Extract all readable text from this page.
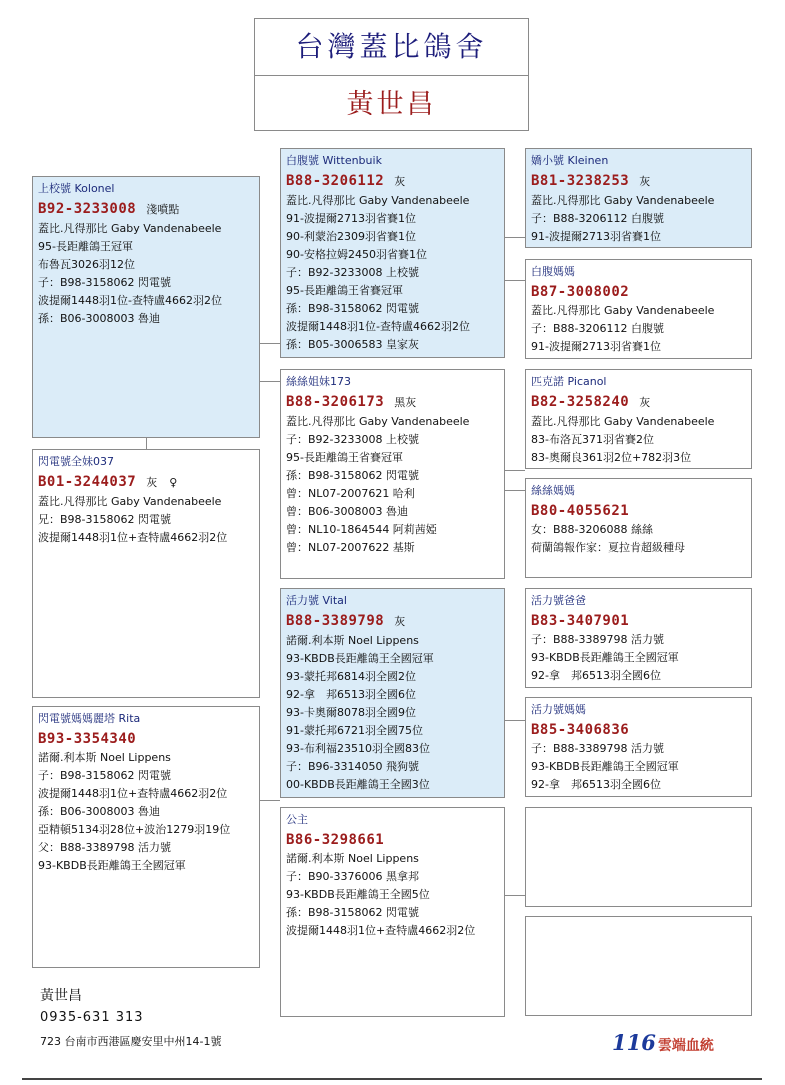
台灣蓋比鴿舍
黃世昌
上校號 Kolonel
B92-3233008 淺噴點
蓋比.凡得那比 Gaby Vandenabeele
95-長距離鴿王冠軍
布魯瓦3026羽12位
子：B98-3158062 閃電號
波提爾1448羽1位-查特盧4662羽2位
孫：B06-3008003 魯迪
閃電號全妹037
B01-3244037 灰 ♀
蓋比.凡得那比 Gaby Vandenabeele
兄：B98-3158062 閃電號
波提爾1448羽1位+查特盧4662羽2位
閃電號媽媽麗塔 Rita
B93-3354340
諾爾.利本斯 Noel Lippens
子：B98-3158062 閃電號
波提爾1448羽1位+查特盧4662羽2位
孫：B06-3008003 魯迪
亞精頓5134羽28位+波治1279羽19位
父：B88-3389798 活力號
93-KBDB長距離鴿王全國冠軍
白腹號 Wittenbuik
B88-3206112 灰
蓋比.凡得那比 Gaby Vandenabeele
91-波提爾2713羽省賽1位
90-利蒙治2309羽省賽1位
90-安格拉姆2450羽省賽1位
子：B92-3233008 上校號
95-長距離鴿王省賽冠軍
孫：B98-3158062 閃電號
波提爾1448羽1位-查特盧4662羽2位
孫：B05-3006583 皇家灰
絲絲姐妹173
B88-3206173 黑灰
蓋比.凡得那比 Gaby Vandenabeele
子：B92-3233008 上校號
95-長距離鴿王省賽冠軍
孫：B98-3158062 閃電號
曾：NL07-2007621 哈利
曾：B06-3008003 魯迪
曾：NL10-1864544 阿莉茜婭
曾：NL07-2007622 基斯
活力號 Vital
B88-3389798 灰
諾爾.利本斯 Noel Lippens
93-KBDB長距離鴿王全國冠軍
93-蒙托邦6814羽全國2位
92-拿　邦6513羽全國6位
93-卡奧爾8078羽全國9位
91-蒙托邦6721羽全國75位
93-布利福23510羽全國83位
子：B96-3314050 飛狗號
00-KBDB長距離鴿王全國3位
公主
B86-3298661
諾爾.利本斯 Noel Lippens
子：B90-3376006 黑拿邦
93-KBDB長距離鴿王全國5位
孫：B98-3158062 閃電號
波提爾1448羽1位+查特盧4662羽2位
嬌小號 Kleinen
B81-3238253 灰
蓋比.凡得那比 Gaby Vandenabeele
子：B88-3206112 白腹號
91-波提爾2713羽省賽1位
白腹媽媽
B87-3008002
蓋比.凡得那比 Gaby Vandenabeele
子：B88-3206112 白腹號
91-波提爾2713羽省賽1位
匹克諾 Picanol
B82-3258240 灰
蓋比.凡得那比 Gaby Vandenabeele
83-布洛瓦371羽省賽2位
83-奧爾良361羽2位+782羽3位
絲絲媽媽
B80-4055621
女：B88-3206088 絲絲
荷蘭鴿報作家：夏拉肯超級種母
活力號爸爸
B83-3407901
子：B88-3389798 活力號
93-KBDB長距離鴿王全國冠軍
92-拿　邦6513羽全國6位
活力號媽媽
B85-3406836
子：B88-3389798 活力號
93-KBDB長距離鴿王全國冠軍
92-拿　邦6513羽全國6位
黃世昌
0935-631 313
723 台南市西港區慶安里中州14-1號	116 雲端血統
